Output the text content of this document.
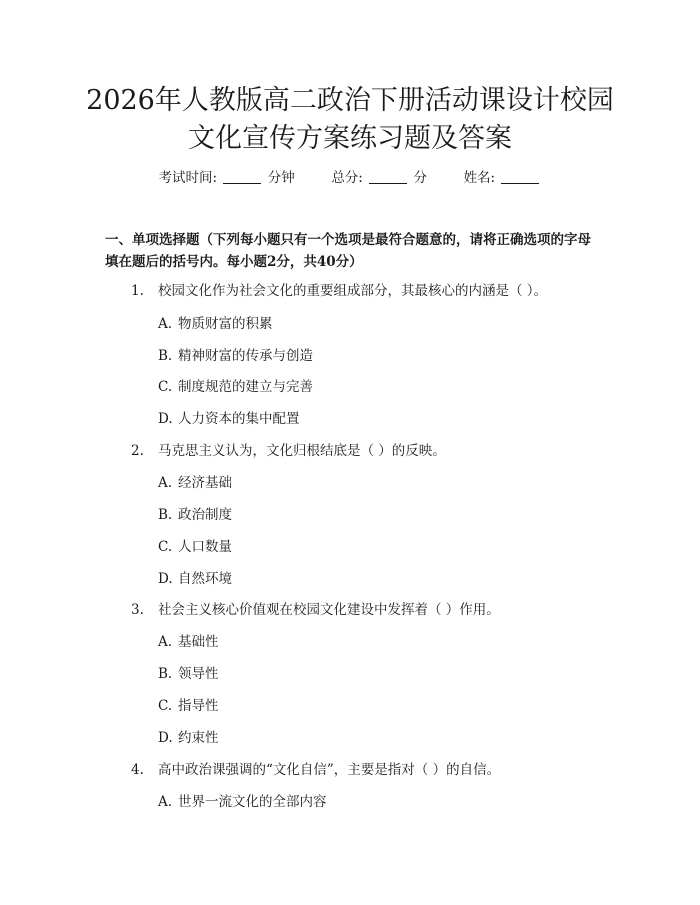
2026年人教版高二政治下册活动课设计校园
文化宣传方案练习题及答案
考试时间:	分钟	总分:	分	姓名:
一、单项选择题（下列每小题只有一个选项是最符合题意的，请将正确选项的字母填在题后的括号内。每小题2分，共40分）
1. 校园文化作为社会文化的重要组成部分，其最核心的内涵是（ ）。
A. 物质财富的积累
B. 精神财富的传承与创造
C. 制度规范的建立与完善
D. 人力资本的集中配置
2. 马克思主义认为，文化归根结底是（ ）的反映。
A. 经济基础
B. 政治制度
C. 人口数量
D. 自然环境
3. 社会主义核心价值观在校园文化建设中发挥着（ ）作用。
A. 基础性
B. 领导性
C. 指导性
D. 约束性
4. 高中政治课强调的“文化自信”，主要是指对（ ）的自信。
A. 世界一流文化的全部内容
